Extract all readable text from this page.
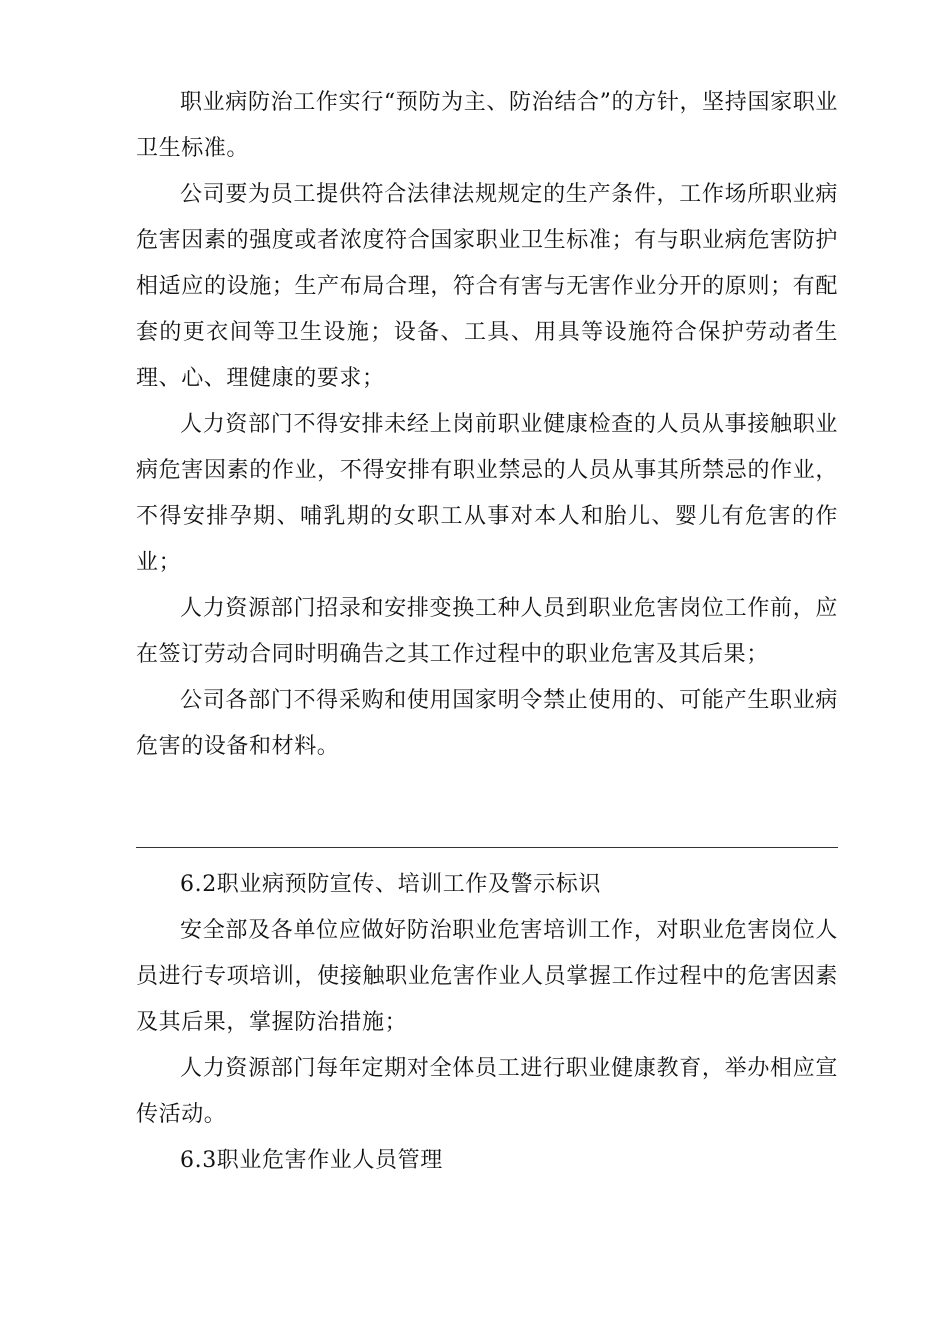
职业病防治工作实行“预防为主、防治结合”的方针，坚持国家职业卫生标准。

公司要为员工提供符合法律法规规定的生产条件，工作场所职业病危害因素的强度或者浓度符合国家职业卫生标准；有与职业病危害防护相适应的设施；生产布局合理，符合有害与无害作业分开的原则；有配套的更衣间等卫生设施；设备、工具、用具等设施符合保护劳动者生理、心、理健康的要求；

人力资部门不得安排未经上岗前职业健康检查的人员从事接触职业病危害因素的作业，不得安排有职业禁忌的人员从事其所禁忌的作业，不得安排孕期、哺乳期的女职工从事对本人和胎儿、婴儿有危害的作业；

人力资源部门招录和安排变换工种人员到职业危害岗位工作前，应在签订劳动合同时明确告之其工作过程中的职业危害及其后果；

公司各部门不得采购和使用国家明令禁止使用的、可能产生职业病危害的设备和材料。

6.2职业病预防宣传、培训工作及警示标识

安全部及各单位应做好防治职业危害培训工作，对职业危害岗位人员进行专项培训，使接触职业危害作业人员掌握工作过程中的危害因素及其后果，掌握防治措施；

人力资源部门每年定期对全体员工进行职业健康教育，举办相应宣传活动。

6.3职业危害作业人员管理
